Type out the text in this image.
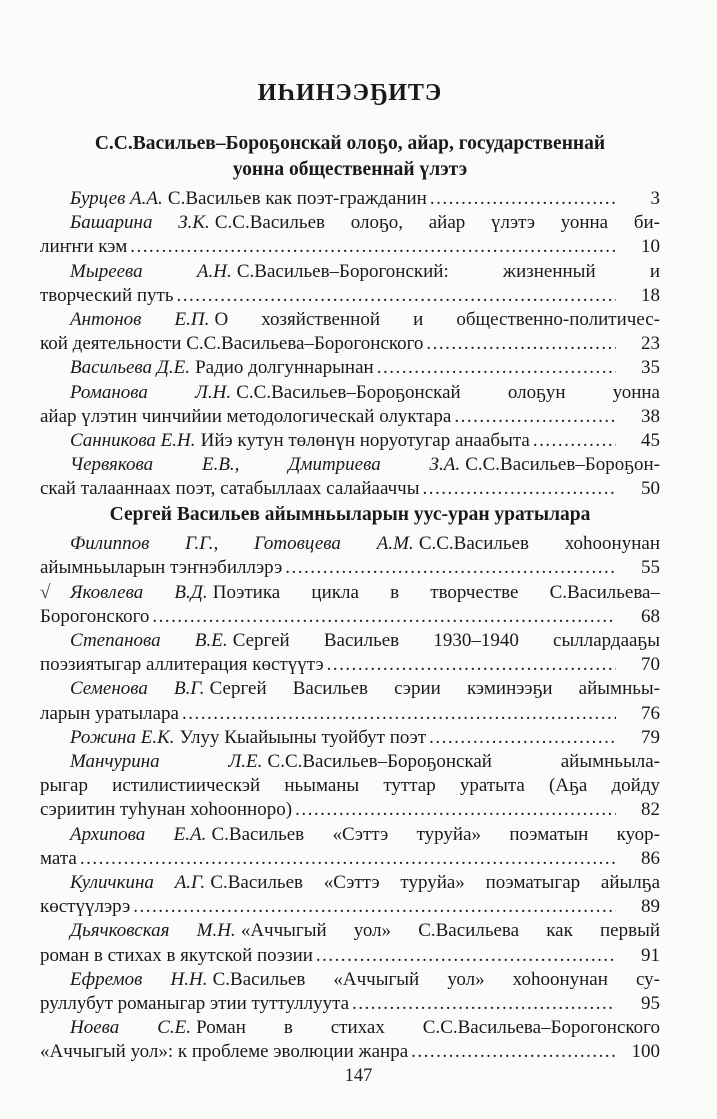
ИҺИНЭЭҔИТЭ
С.С.Васильев–Бороҕонскай олоҕо, айар, государственнай
уонна общественнай үлэтэ
Бурцев А.А. С.Васильев как поэт-гражданин .....	3
Башарина З.К. С.С.Васильев олоҕо, айар үлэтэ уонна би-
лиҥҥи кэм .....	10
Мыреева А.Н. С.Васильев–Борогонский: жизненный и
творческий путь .....	18
Антонов Е.П. О хозяйственной и общественно-политичес-
кой деятельности С.С.Васильева–Борогонского .....	23
Васильева Д.Е. Радио долгуннарынан .....	35
Романова Л.Н. С.С.Васильев–Бороҕонскай олоҕун уонна
айар үлэтин чинчийии методологическай олуктара .....	38
Санникова Е.Н. Ийэ кутун төлөнүн норуотугар анаабыта .....	45
Червякова Е.В., Дмитриева З.А. С.С.Васильев–Бороҕон-
скай талааннаах поэт, сатабыллаах салайааччы .....	50
Сергей Васильев айымньыларын уус-уран уратылара
Филиппов Г.Г., Готовцева А.М. С.С.Васильев хоһоонунан
айымньыларын тэҥнэбиллэрэ .....	55
√	Яковлева В.Д. Поэтика цикла в творчестве С.Васильева–
Борогонского .....	68
Степанова В.Е. Сергей Васильев 1930–1940 сыллардааҕы
поэзиятыгар аллитерация көстүүтэ .....	70
Семенова В.Г. Сергей Васильев сэрии кэминээҕи айымньы-
ларын уратылара .....	76
Рожина Е.К. Улуу Кыайыыны туойбут поэт .....	79
Манчурина Л.Е. С.С.Васильев–Бороҕонскай айымньыла-
рыгар истилистиическэй ньыманы туттар уратыта (Аҕа дойду
сэриитин туһунан хоһоонноро) .....	82
Архипова Е.А. С.Васильев «Сэттэ туруйа» поэматын куор-
мата .....	86
Куличкина А.Г. С.Васильев «Сэттэ туруйа» поэматыгар айылҕа
көстүүлэрэ .....	89
Дьячковская М.Н. «Аччыгый уол» С.Васильева как первый
роман в стихах в якутской поэзии .....	91
Ефремов Н.Н. С.Васильев «Аччыгый уол» хоһоонунан су-
руллубут романыгар этии туттуллуута .....	95
Ноева С.Е. Роман в стихах С.С.Васильева–Борогонского
«Аччыгый уол»: к проблеме эволюции жанра .....	100
147
